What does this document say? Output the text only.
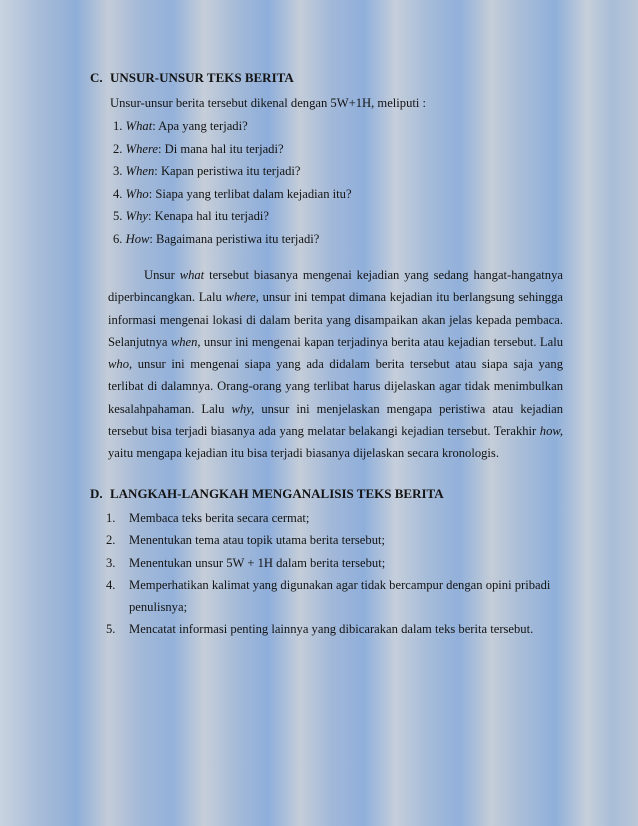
C. UNSUR-UNSUR TEKS BERITA
Unsur-unsur berita tersebut dikenal dengan 5W+1H, meliputi :
1. What: Apa yang terjadi?
2. Where: Di mana hal itu terjadi?
3. When: Kapan peristiwa itu terjadi?
4. Who: Siapa yang terlibat dalam kejadian itu?
5. Why: Kenapa hal itu terjadi?
6. How: Bagaimana peristiwa itu terjadi?

Unsur what tersebut biasanya mengenai kejadian yang sedang hangat-hangatnya diperbincangkan. Lalu where, unsur ini tempat dimana kejadian itu berlangsung sehingga informasi mengenai lokasi di dalam berita yang disampaikan akan jelas kepada pembaca. Selanjutnya when, unsur ini mengenai kapan terjadinya berita atau kejadian tersebut. Lalu who, unsur ini mengenai siapa yang ada didalam berita tersebut atau siapa saja yang terlibat di dalamnya. Orang-orang yang terlibat harus dijelaskan agar tidak menimbulkan kesalahpahaman. Lalu why, unsur ini menjelaskan mengapa peristiwa atau kejadian tersebut bisa terjadi biasanya ada yang melatar belakangi kejadian tersebut. Terakhir how, yaitu mengapa kejadian itu bisa terjadi biasanya dijelaskan secara kronologis.

D. LANGKAH-LANGKAH MENGANALISIS TEKS BERITA
1. Membaca teks berita secara cermat;
2. Menentukan tema atau topik utama berita tersebut;
3. Menentukan unsur 5W + 1H dalam berita tersebut;
4. Memperhatikan kalimat yang digunakan agar tidak bercampur dengan opini pribadi penulisnya;
5. Mencatat informasi penting lainnya yang dibicarakan dalam teks berita tersebut.
